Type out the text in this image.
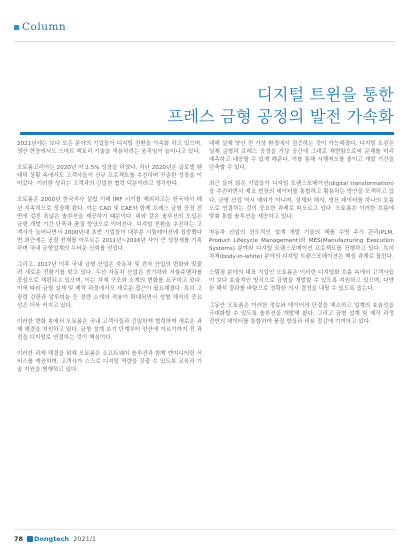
Column
디지털 트윈을 통한
프레스 금형 공정의 발전 가속화

2021년에는 보다 모든 분야의 기업들이 디지털 전환을 가속화 하고 있으며, 생산 현장에서도 스마트 팩토리 기술을 적용하려는 움직임이 늘어나고 있다.

오토폼코리아는 2020년 약 2.5% 성장을 하였다. 지난 2020년은 글로벌 팬데믹 상황 속에서도 고객사들이 신규 프로젝트를 추진하며 꾸준한 성장을 이어갔다. 이러한 성과는 고객과의 긴밀한 협력 덕분이라고 생각한다.

오토폼은 2000년 한국지사 설립 이래 IMF 시기를 제외하고는 한국에서 매년 지속적으로 성장해 왔다. 이는 CAD 및 CAE와 함께 프레스 금형 공정 전반에 걸친 폭넓은 솔루션을 제공하기 때문이다. 위와 같은 솔루션의 도입은 금형 개발 기간 단축과 품질 향상으로 이어진다. 디지털 전환을 추진하는 고객사가 늘어나면서 2000년대 초반 기업들이 대부분 시뮬레이션에 집중했다면 최근에는 공정 전체를 아우르는 2011년~2016년 사이 큰 성장세를 기록하며 국내 금형업계의 두터운 신뢰를 얻었다.

그리고, 2017년 이후 국내 금형 산업은 자동차 및 전자 산업의 변화와 맞물려 새로운 전환기를 맞고 있다. 우선 자동차 산업은 전기차와 자율주행차를 중심으로 재편되고 있으며, 이는 차체 구조와 소재의 변화를 요구하고 있다. 이에 따라 금형 설계 및 제작 과정에서도 새로운 접근이 필요해졌다. 특히 고장력 강판과 알루미늄 등 경량 소재의 적용이 확대되면서 성형 해석의 중요성은 더욱 커지고 있다.

이러한 변화 속에서 오토폼은 국내 고객사들과 긴밀하게 협력하며 새로운 과제 해결을 지원하고 있다. 금형 설계 초기 단계부터 양산에 이르기까지 전 과정을 디지털로 연결하는 것이 핵심이다.

이러한 과제 해결을 위해 오토폼은 소프트웨어 솔루션과 함께 엔지니어링 서비스를 제공하며, 고객사가 스스로 디지털 역량을 갖출 수 있도록 교육과 기술 지원을 병행하고 있다.

대해 실제 양산 전 가상 환경에서 검증하는 것이 가능해졌다. 디지털 트윈은 실제 금형과 프레스 공정을 가상 공간에 그대로 재현함으로써 문제를 미리 예측하고 대응할 수 있게 해준다. 이를 통해 시행착오를 줄이고 개발 기간을 단축할 수 있다.

최근 들어 많은 기업들이 디지털 트랜스포메이션(digital transformation)을 추진하면서 제조 현장의 데이터를 통합하고 활용하는 방안을 모색하고 있다. 금형 산업 역시 예외가 아니며, 설계와 해석, 생산 데이터를 하나의 흐름으로 연결하는 것이 중요한 과제로 떠오르고 있다. 오토폼은 이러한 흐름에 맞춰 통합 솔루션을 제공하고 있다.

자동차 산업의 선도적인 설계 개발 기술의 제품 수명 주기 관리(PLM, Product Lifecycle Management)와 MES(Manufacturing Execution Systems) 분야와 디지털 트랜스포메이션 프로젝트를 진행하고 있다. 특히 차체(body-in-white) 분야의 디지털 트랜스포메이션은 핵심 과제로 꼽힌다.

스탬핑 분야의 대표 기업인 오토폼은 이러한 디지털화 흐름 속에서 고객사들이 보다 효율적인 방식으로 금형을 개발할 수 있도록 지원하고 있으며, 다양한 해석 결과를 바탕으로 정확한 의사 결정을 내릴 수 있도록 돕는다.

그동안 오토폼은 이러한 정보와 데이터의 단절을 해소하고 업계의 효율성을 극대화할 수 있도록 솔루션을 개발해 왔다. 그리고 금형 설계 및 제작 과정 전반의 데이터를 통합하여 품질 향상과 비용 절감에 기여하고 있다.

78 Dongtech 2021/1
